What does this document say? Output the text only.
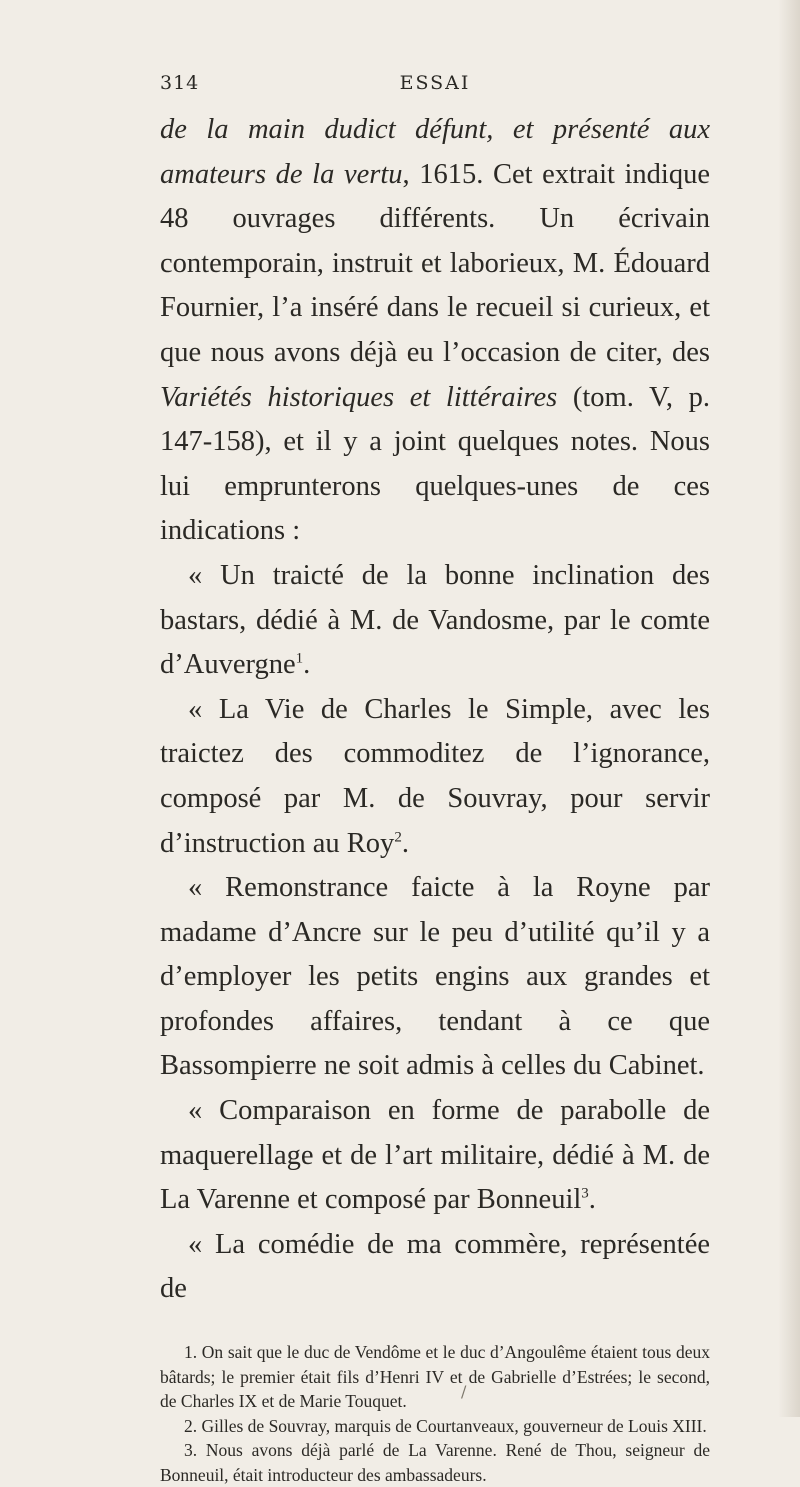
314	ESSAI

de la main dudict défunt, et présenté aux amateurs de la vertu, 1615. Cet extrait indique 48 ouvrages différents. Un écrivain contemporain, instruit et laborieux, M. Édouard Fournier, l’a inséré dans le recueil si curieux, et que nous avons déjà eu l’occasion de citer, des Variétés historiques et littéraires (tom. V, p. 147-158), et il y a joint quelques notes. Nous lui emprunterons quelques-unes de ces indications :

« Un traicté de la bonne inclination des bastars, dédié à M. de Vandosme, par le comte d’Auvergne$^1$.

« La Vie de Charles le Simple, avec les traictez des commoditez de l’ignorance, composé par M. de Souvray, pour servir d’instruction au Roy$^2$.

« Remonstrance faicte à la Royne par madame d’Ancre sur le peu d’utilité qu’il y a d’employer les petits engins aux grandes et profondes affaires, tendant à ce que Bassompierre ne soit admis à celles du Cabinet.

« Comparaison en forme de parabolle de maquerellage et de l’art militaire, dédié à M. de La Varenne et composé par Bonneuil$^3$.

« La comédie de ma commère, représentée de

1. On sait que le duc de Vendôme et le duc d’Angoulême étaient tous deux bâtards; le premier était fils d’Henri IV et de Gabrielle d’Estrées; le second, de Charles IX et de Marie Touquet.

2. Gilles de Souvray, marquis de Courtanveaux, gouverneur de Louis XIII.

3. Nous avons déjà parlé de La Varenne. René de Thou, seigneur de Bonneuil, était introducteur des ambassadeurs.

/
